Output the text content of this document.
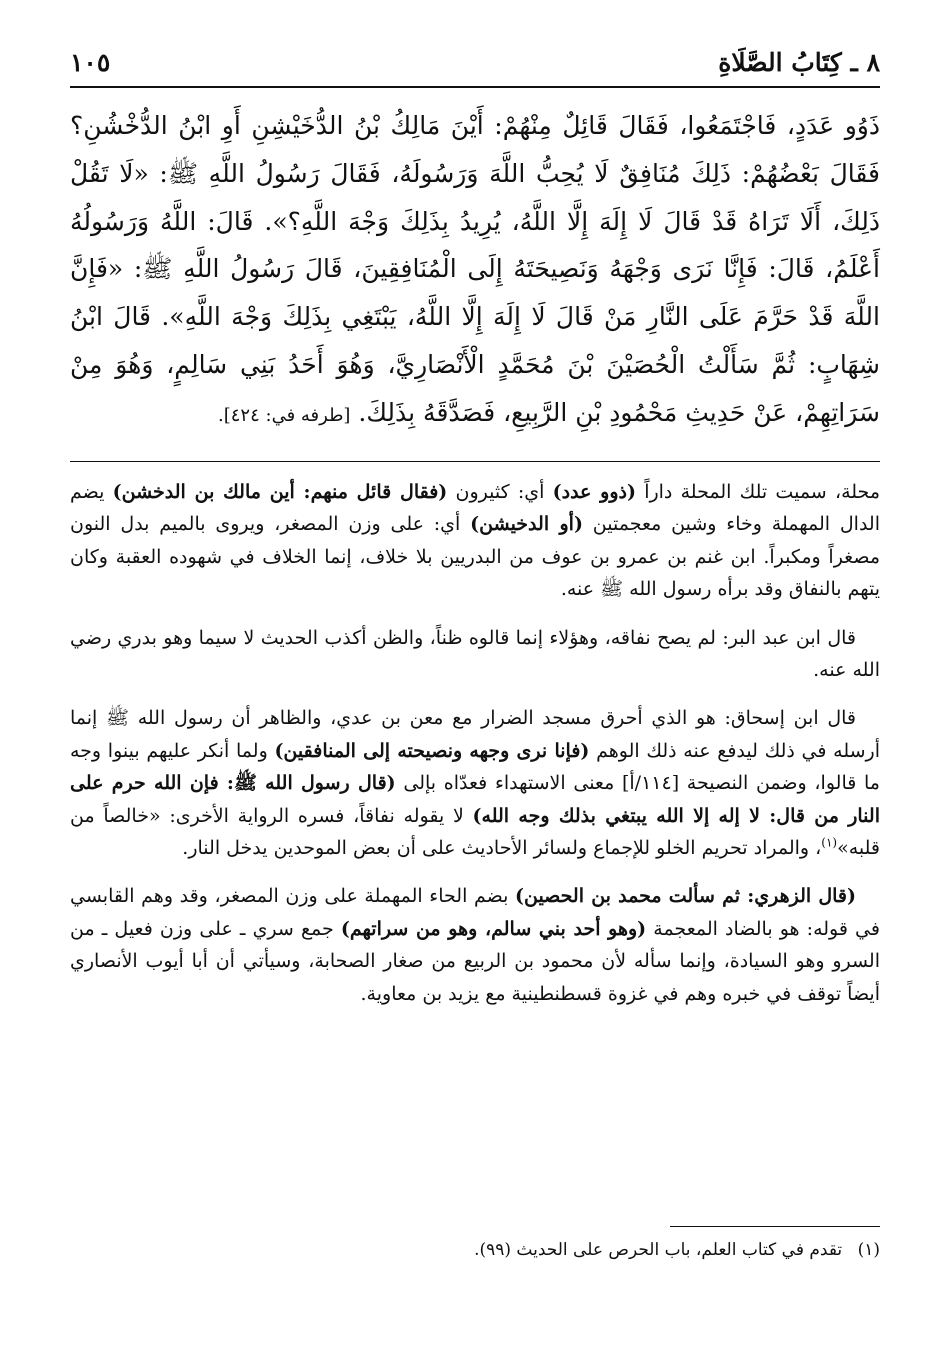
١٠٥	٨ ـ كِتَابُ الصَّلَاةِ
ذَوُو عَدَدٍ، فَاجْتَمَعُوا، فَقَالَ قَائِلٌ مِنْهُمْ: أَيْنَ مَالِكُ بْنُ الدُّخَيْشِنِ أَوِ ابْنُ الدُّخْشُنِ؟ فَقَالَ بَعْضُهُمْ: ذَلِكَ مُنَافِقٌ لَا يُحِبُّ اللَّهَ وَرَسُولَهُ، فَقَالَ رَسُولُ اللَّهِ ﷺ: «لَا تَقُلْ ذَلِكَ، أَلَا تَرَاهُ قَدْ قَالَ لَا إِلَهَ إِلَّا اللَّهُ، يُرِيدُ بِذَلِكَ وَجْهَ اللَّهِ؟». قَالَ: اللَّهُ وَرَسُولُهُ أَعْلَمُ، قَالَ: فَإِنَّا نَرَى وَجْهَهُ وَنَصِيحَتَهُ إِلَى الْمُنَافِقِينَ، قَالَ رَسُولُ اللَّهِ ﷺ: «فَإِنَّ اللَّهَ قَدْ حَرَّمَ عَلَى النَّارِ مَنْ قَالَ لَا إِلَهَ إِلَّا اللَّهُ، يَبْتَغِي بِذَلِكَ وَجْهَ اللَّهِ». قَالَ ابْنُ شِهَابٍ: ثُمَّ سَأَلْتُ الْحُصَيْنَ بْنَ مُحَمَّدٍ الْأَنْصَارِيَّ، وَهُوَ أَحَدُ بَنِي سَالِمٍ، وَهُوَ مِنْ سَرَاتِهِمْ، عَنْ حَدِيثِ مَحْمُودِ بْنِ الرَّبِيعِ، فَصَدَّقَهُ بِذَلِكَ. [طرفه في: ٤٢٤].

محلة، سميت تلك المحلة داراً (ذوو عدد) أي: كثيرون (فقال قائل منهم: أين مالك بن الدخشن) يضم الدال المهملة وخاء وشين معجمتين (أو الدخيشن) أي: على وزن المصغر، ويروى بالميم بدل النون مصغراً ومكبراً. ابن غنم بن عمرو بن عوف من البدريين بلا خلاف، إنما الخلاف في شهوده العقبة وكان يتهم بالنفاق وقد برأه رسول الله ﷺ عنه.

قال ابن عبد البر: لم يصح نفاقه، وهؤلاء إنما قالوه ظناً، والظن أكذب الحديث لا سيما وهو بدري رضي الله عنه.

قال ابن إسحاق: هو الذي أحرق مسجد الضرار مع معن بن عدي، والظاهر أن رسول الله ﷺ إنما أرسله في ذلك ليدفع عنه ذلك الوهم (فإنا نرى وجهه ونصيحته إلى المنافقين) ولما أنكر عليهم بينوا وجه ما قالوا، وضمن النصيحة [١١٤/أ] معنى الاستهداء فعدّاه بإلى (قال رسول الله ﷺ: فإن الله حرم على النار من قال: لا إله إلا الله يبتغي بذلك وجه الله) لا يقوله نفاقاً، فسره الرواية الأخرى: «خالصاً من قلبه»$^{(١)}$، والمراد تحريم الخلو للإجماع ولسائر الأحاديث على أن بعض الموحدين يدخل النار.

(قال الزهري: ثم سألت محمد بن الحصين) بضم الحاء المهملة على وزن المصغر، وقد وهم القابسي في قوله: هو بالضاد المعجمة (وهو أحد بني سالم، وهو من سراتهم) جمع سري ـ على وزن فعيل ـ من السرو وهو السيادة، وإنما سأله لأن محمود بن الربيع من صغار الصحابة، وسيأتي أن أبا أيوب الأنصاري أيضاً توقف في خبره وهم في غزوة قسطنطينية مع يزيد بن معاوية.

(١) تقدم في كتاب العلم، باب الحرص على الحديث (٩٩).
